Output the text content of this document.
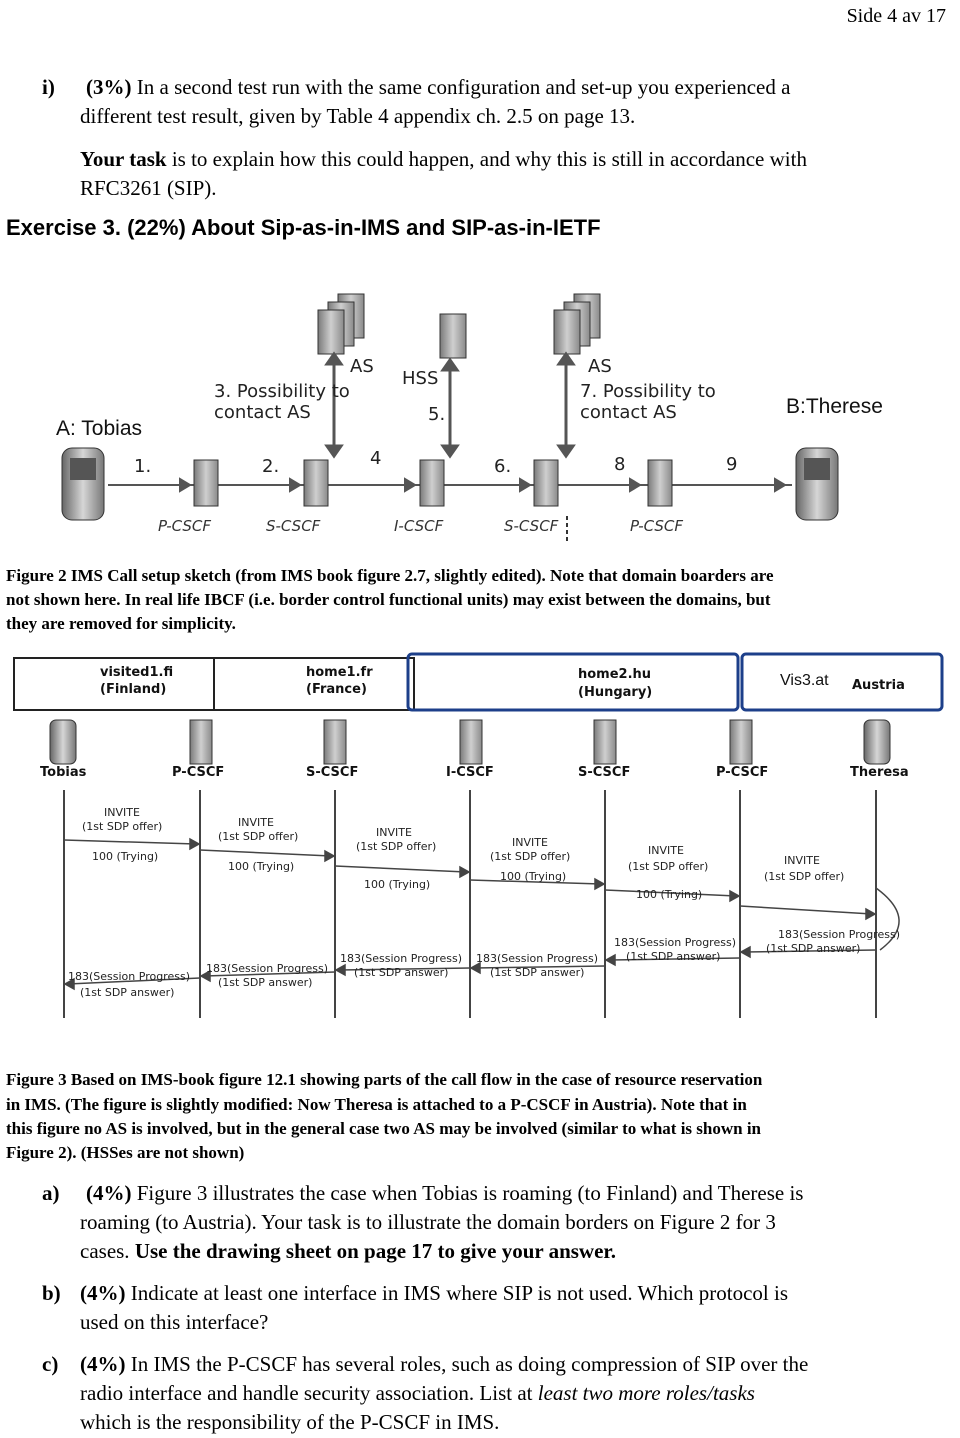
Side 4 av 17
i) (3%) In a second test run with the same configuration and set-up you experienced a
different test result, given by Table 4 appendix ch. 2.5 on page 13.
Your task is to explain how this could happen, and why this is still in accordance with
RFC3261 (SIP).
Exercise 3. (22%) About Sip-as-in-IMS and SIP-as-in-IETF
AS
HSS
AS
3. Possibility to
contact AS
7. Possibility to
contact AS
A: Tobias
B:Therese
1.	2.	4
5.
6.	8	9
P-CSCF	S-CSCF	I-CSCF	S-CSCF	P-CSCF
Figure 2 IMS Call setup sketch (from IMS book figure 2.7, slightly edited). Note that domain boarders are
not shown here. In real life IBCF (i.e. border control functional units) may exist between the domains, but
they are removed for simplicity.
visited1.fi
(Finland)
home1.fr
(France)
home2.hu
(Hungary)
Vis3.at Austria
Tobias	P-CSCF	S-CSCF	I-CSCF	S-CSCF	P-CSCF	Theresa
INVITE
(1st SDP offer)
100 (Trying)
INVITE
(1st SDP offer)
100 (Trying)
INVITE
(1st SDP offer)
100 (Trying)
INVITE
(1st SDP offer)
100 (Trying)
INVITE
(1st SDP offer)
100 (Trying)
INVITE
(1st SDP offer)
183(Session Progress)
(1st SDP answer)
183(Session Progress)
(1st SDP answer)
183(Session Progress)
(1st SDP answer)
183(Session Progress)
(1st SDP answer)
183(Session Progress)
(1st SDP answer)
183(Session Progress)
(1st SDP answer)
Figure 3 Based on IMS-book figure 12.1 showing parts of the call flow in the case of resource reservation
in IMS. (The figure is slightly modified: Now Theresa is attached to a P-CSCF in Austria). Note that in
this figure no AS is involved, but in the general case two AS may be involved (similar to what is shown in
Figure 2). (HSSes are not shown)
a) (4%) Figure 3 illustrates the case when Tobias is roaming (to Finland) and Therese is
roaming (to Austria). Your task is to illustrate the domain borders on Figure 2 for 3
cases. Use the drawing sheet on page 17 to give your answer.
b) (4%) Indicate at least one interface in IMS where SIP is not used. Which protocol is
used on this interface?
c) (4%) In IMS the P-CSCF has several roles, such as doing compression of SIP over the
radio interface and handle security association. List at least two more roles/tasks
which is the responsibility of the P-CSCF in IMS.
